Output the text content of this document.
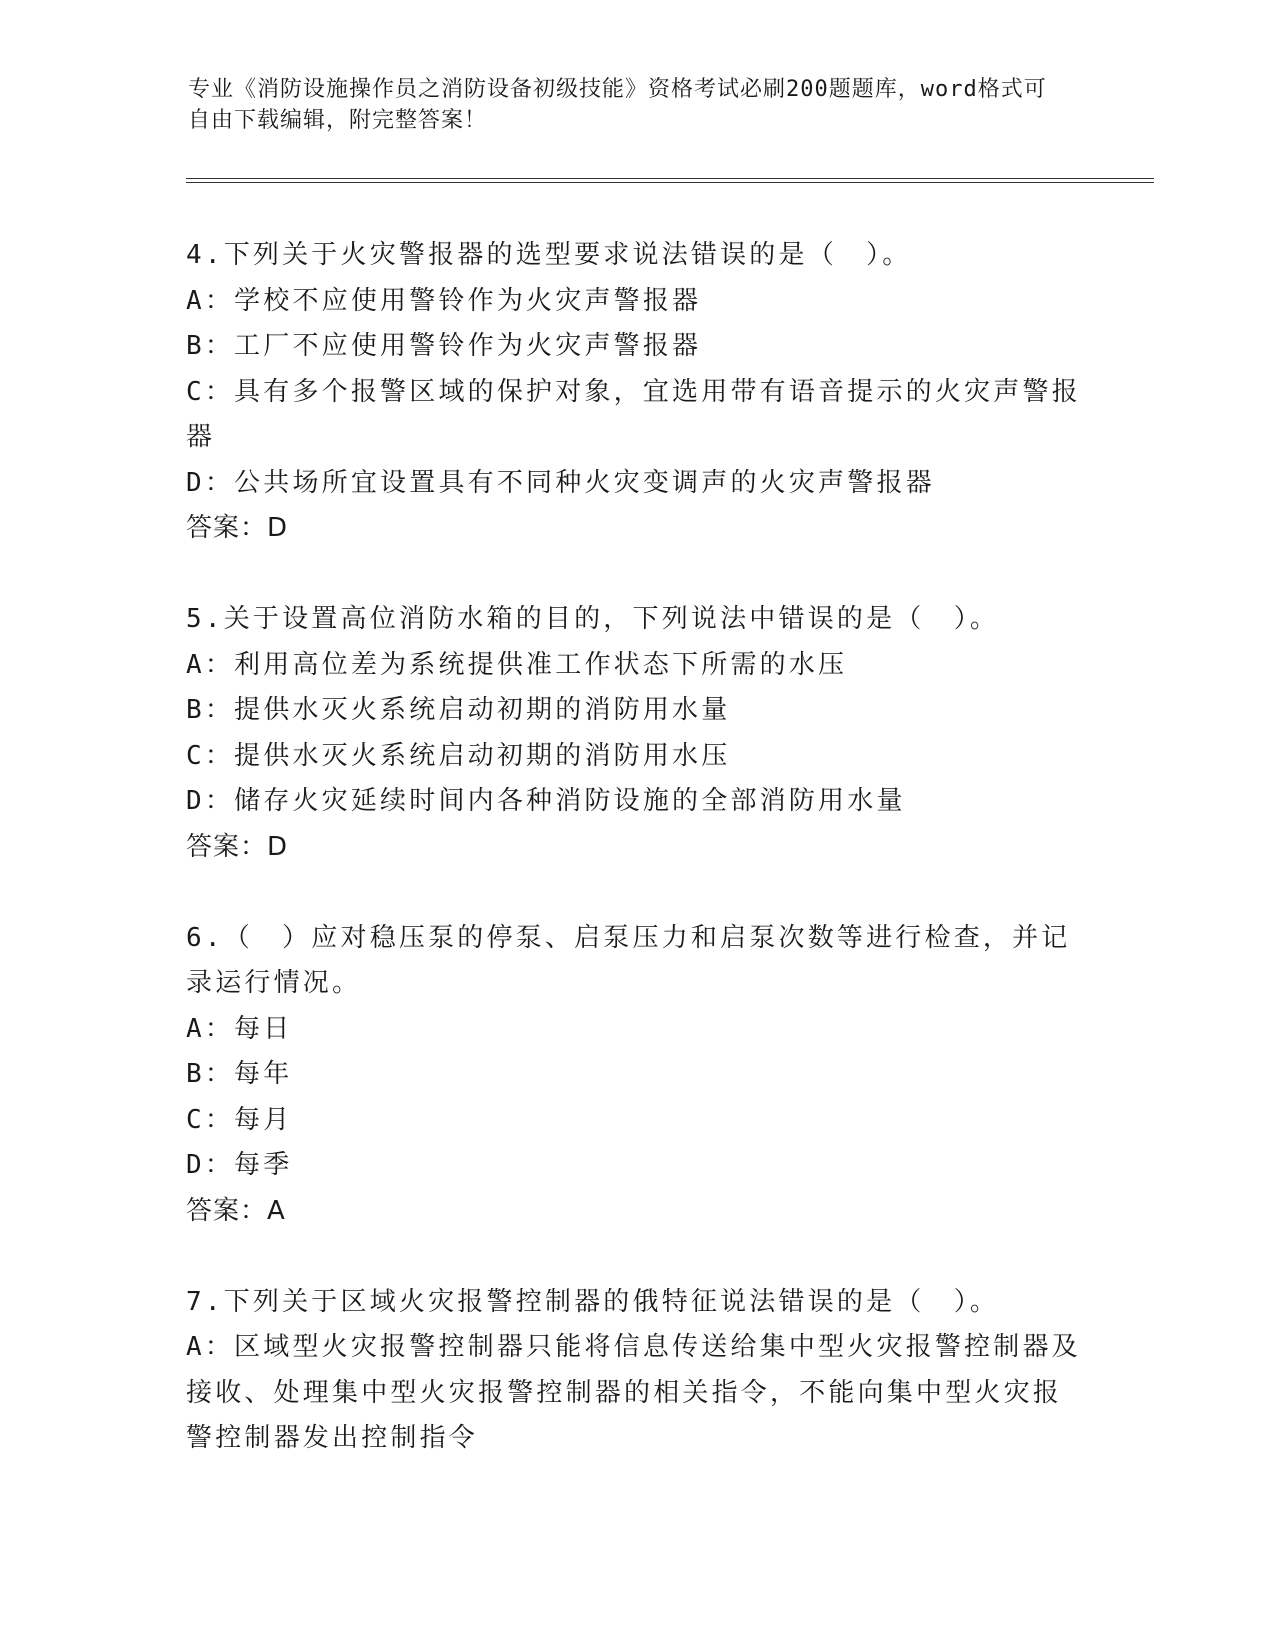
专业《消防设施操作员之消防设备初级技能》资格考试必刷200题题库，word格式可自由下载编辑，附完整答案！
4.下列关于火灾警报器的选型要求说法错误的是（　）。
A：学校不应使用警铃作为火灾声警报器
B：工厂不应使用警铃作为火灾声警报器
C：具有多个报警区域的保护对象，宜选用带有语音提示的火灾声警报器
D：公共场所宜设置具有不同种火灾变调声的火灾声警报器
答案：D
5.关于设置高位消防水箱的目的，下列说法中错误的是（　）。
A：利用高位差为系统提供准工作状态下所需的水压
B：提供水灭火系统启动初期的消防用水量
C：提供水灭火系统启动初期的消防用水压
D：储存火灾延续时间内各种消防设施的全部消防用水量
答案：D
6.（　）应对稳压泵的停泵、启泵压力和启泵次数等进行检查，并记录运行情况。
A：每日
B：每年
C：每月
D：每季
答案：A
7.下列关于区域火灾报警控制器的俄特征说法错误的是（　）。
A：区域型火灾报警控制器只能将信息传送给集中型火灾报警控制器及接收、处理集中型火灾报警控制器的相关指令，不能向集中型火灾报警控制器发出控制指令
